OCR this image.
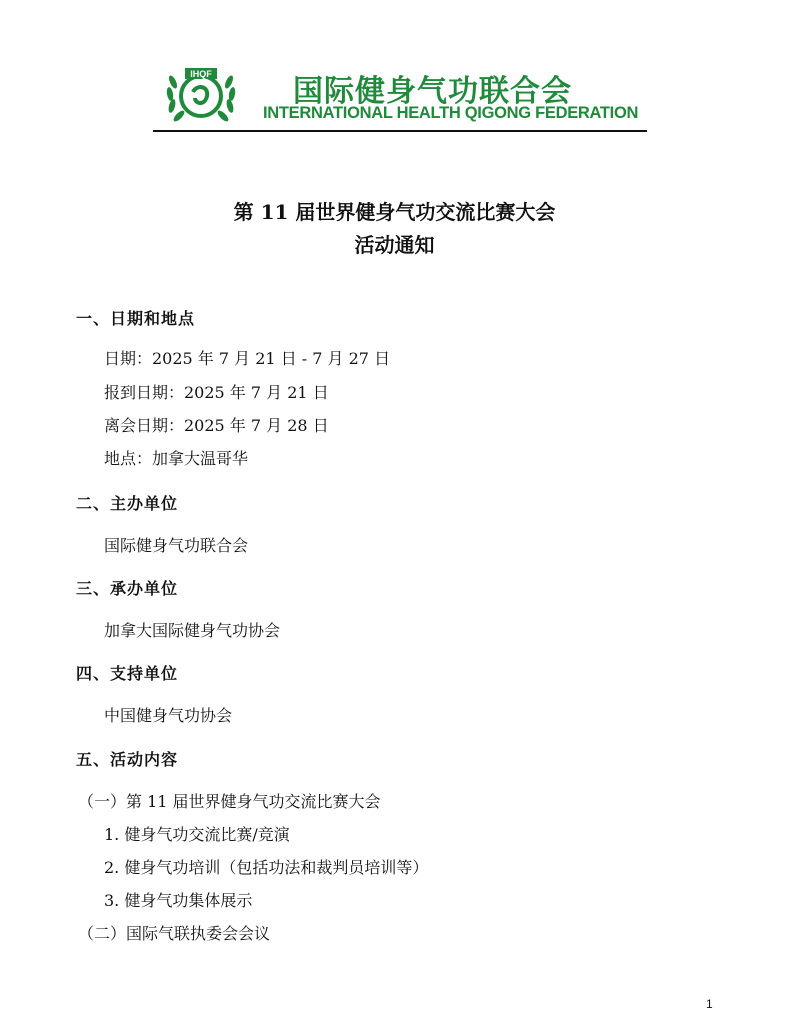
IHQF	国际健身气功联合会
INTERNATIONAL HEALTH QIGONG FEDERATION
第 11 届世界健身气功交流比赛大会
活动通知
一、日期和地点
日期：2025 年 7 月 21 日 - 7 月 27 日
报到日期：2025 年 7 月 21 日
离会日期：2025 年 7 月 28 日
地点：加拿大温哥华
二、主办单位
国际健身气功联合会
三、承办单位
加拿大国际健身气功协会
四、支持单位
中国健身气功协会
五、活动内容
（一）第 11 届世界健身气功交流比赛大会
1. 健身气功交流比赛/竞演
2. 健身气功培训（包括功法和裁判员培训等）
3. 健身气功集体展示
（二）国际气联执委会会议
1
